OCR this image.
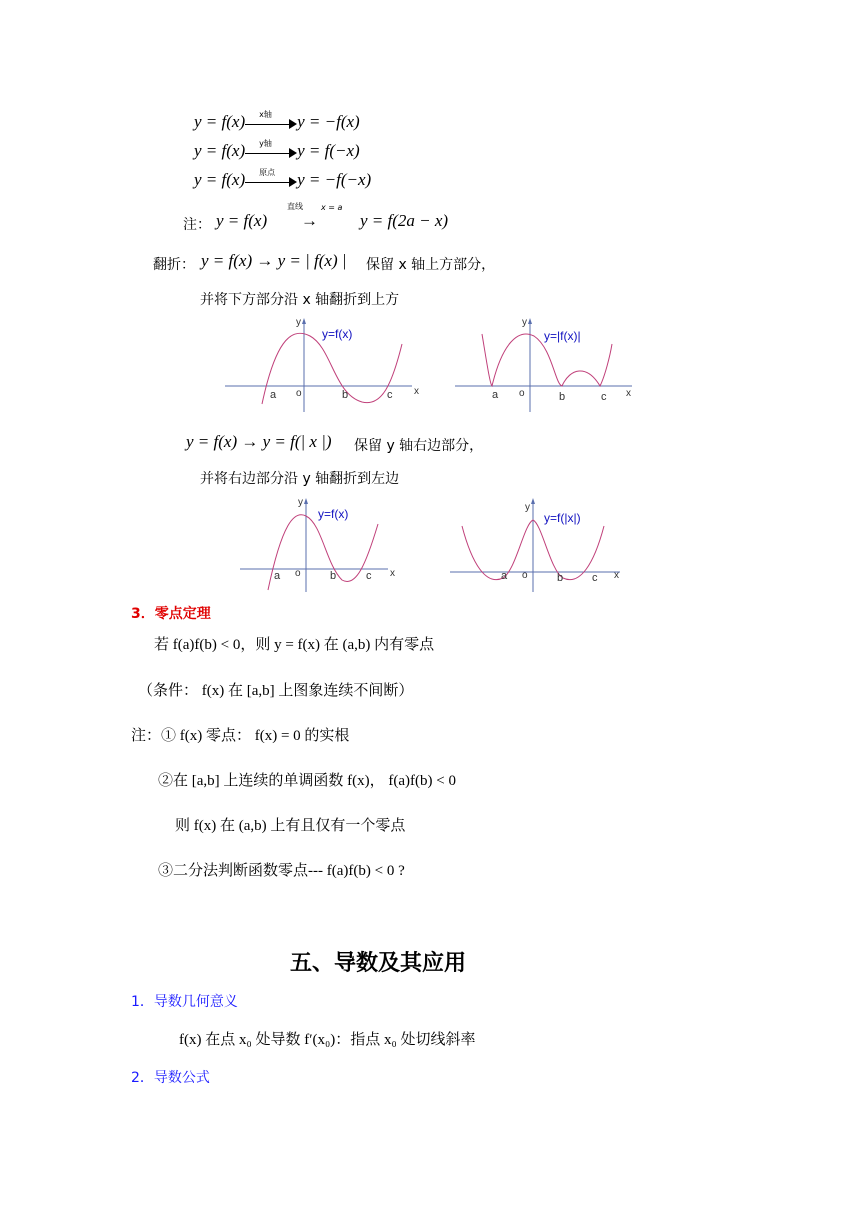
y = f(x) x轴 y = −f(x)
y = f(x) y轴 y = f(−x)
y = f(x) 原点 y = −f(−x)
注： y = f(x)
直线 x = a
→ y = f(2a − x)
翻折： y = f(x) → y = | f(x) | 保留 x 轴上方部分，
并将下方部分沿 x 轴翻折到上方
y
x
y=f(x)
o
a	b	c
y
x
y=|f(x)|
o
a	b	c
y = f(x) → y = f(| x |) 保留 y 轴右边部分，
并将右边部分沿 y 轴翻折到左边
y
x
y=f(x)
o
a	b	c
y
x
y=f(|x|)
o
a	b	c
3．零点定理
若 f(a)f(b) < 0，则 y = f(x) 在 (a,b) 内有零点
（条件： f(x) 在 [a,b] 上图象连续不间断）
注：① f(x) 零点： f(x) = 0 的实根
②在 [a,b] 上连续的单调函数 f(x)， f(a)f(b) < 0
则 f(x) 在 (a,b) 上有且仅有一个零点
③二分法判断函数零点--- f(a)f(b) < 0 ?
五、导数及其应用
1．导数几何意义
f(x) 在点 x₀ 处导数 f′(x₀)：指点 x₀ 处切线斜率
2．导数公式
